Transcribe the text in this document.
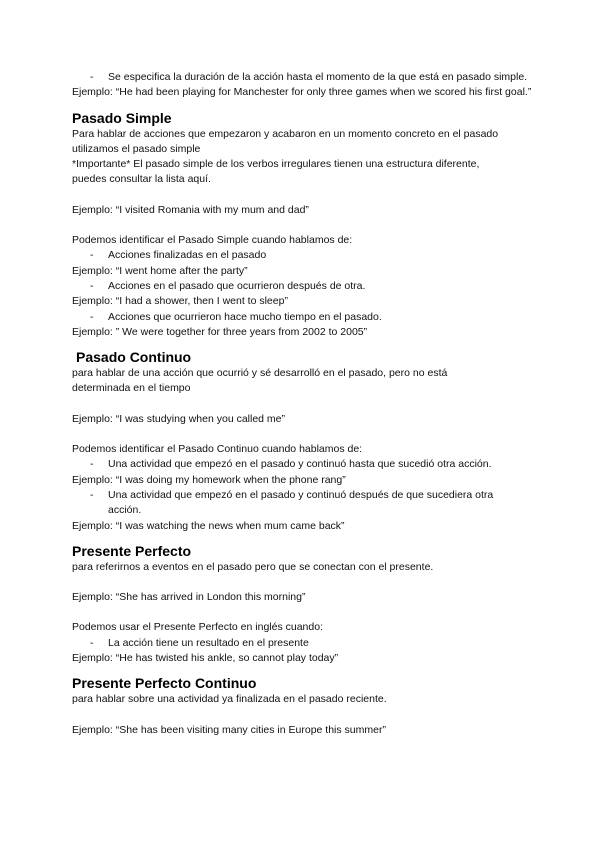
- Se especifica la duración de la acción hasta el momento de la que está en pasado simple.
Ejemplo: “He had been playing for Manchester for only three games when we scored his first goal.”
Pasado Simple
Para hablar de acciones que empezaron y acabaron en un momento concreto en el pasado
utilizamos el pasado simple
*Importante* El pasado simple de los verbos irregulares tienen una estructura diferente,
puedes consultar la lista aquí.
Ejemplo: “I visited Romania with my mum and dad”
Podemos identificar el Pasado Simple cuando hablamos de:
- Acciones finalizadas en el pasado
Ejemplo: “I went home after the party”
- Acciones en el pasado que ocurrieron después de otra.
Ejemplo: “I had a shower, then I went to sleep”
- Acciones que ocurrieron hace mucho tiempo en el pasado.
Ejemplo: ” We were together for three years from 2002 to 2005”
Pasado Continuo
para hablar de una acción que ocurrió y sé desarrolló en el pasado, pero no está
determinada en el tiempo
Ejemplo: “I was studying when you called me”
Podemos identificar el Pasado Continuo cuando hablamos de:
- Una actividad que empezó en el pasado y continuó hasta que sucedió otra acción.
Ejemplo: “I was doing my homework when the phone rang”
- Una actividad que empezó en el pasado y continuó después de que sucediera otra acción.
Ejemplo: “I was watching the news when mum came back”
Presente Perfecto
para referirnos a eventos en el pasado pero que se conectan con el presente.
Ejemplo: “She has arrived in London this morning”
Podemos usar el Presente Perfecto en inglés cuando:
- La acción tiene un resultado en el presente
Ejemplo: “He has twisted his ankle, so cannot play today”
Presente Perfecto Continuo
para hablar sobre una actividad ya finalizada en el pasado reciente.
Ejemplo: “She has been visiting many cities in Europe this summer”
